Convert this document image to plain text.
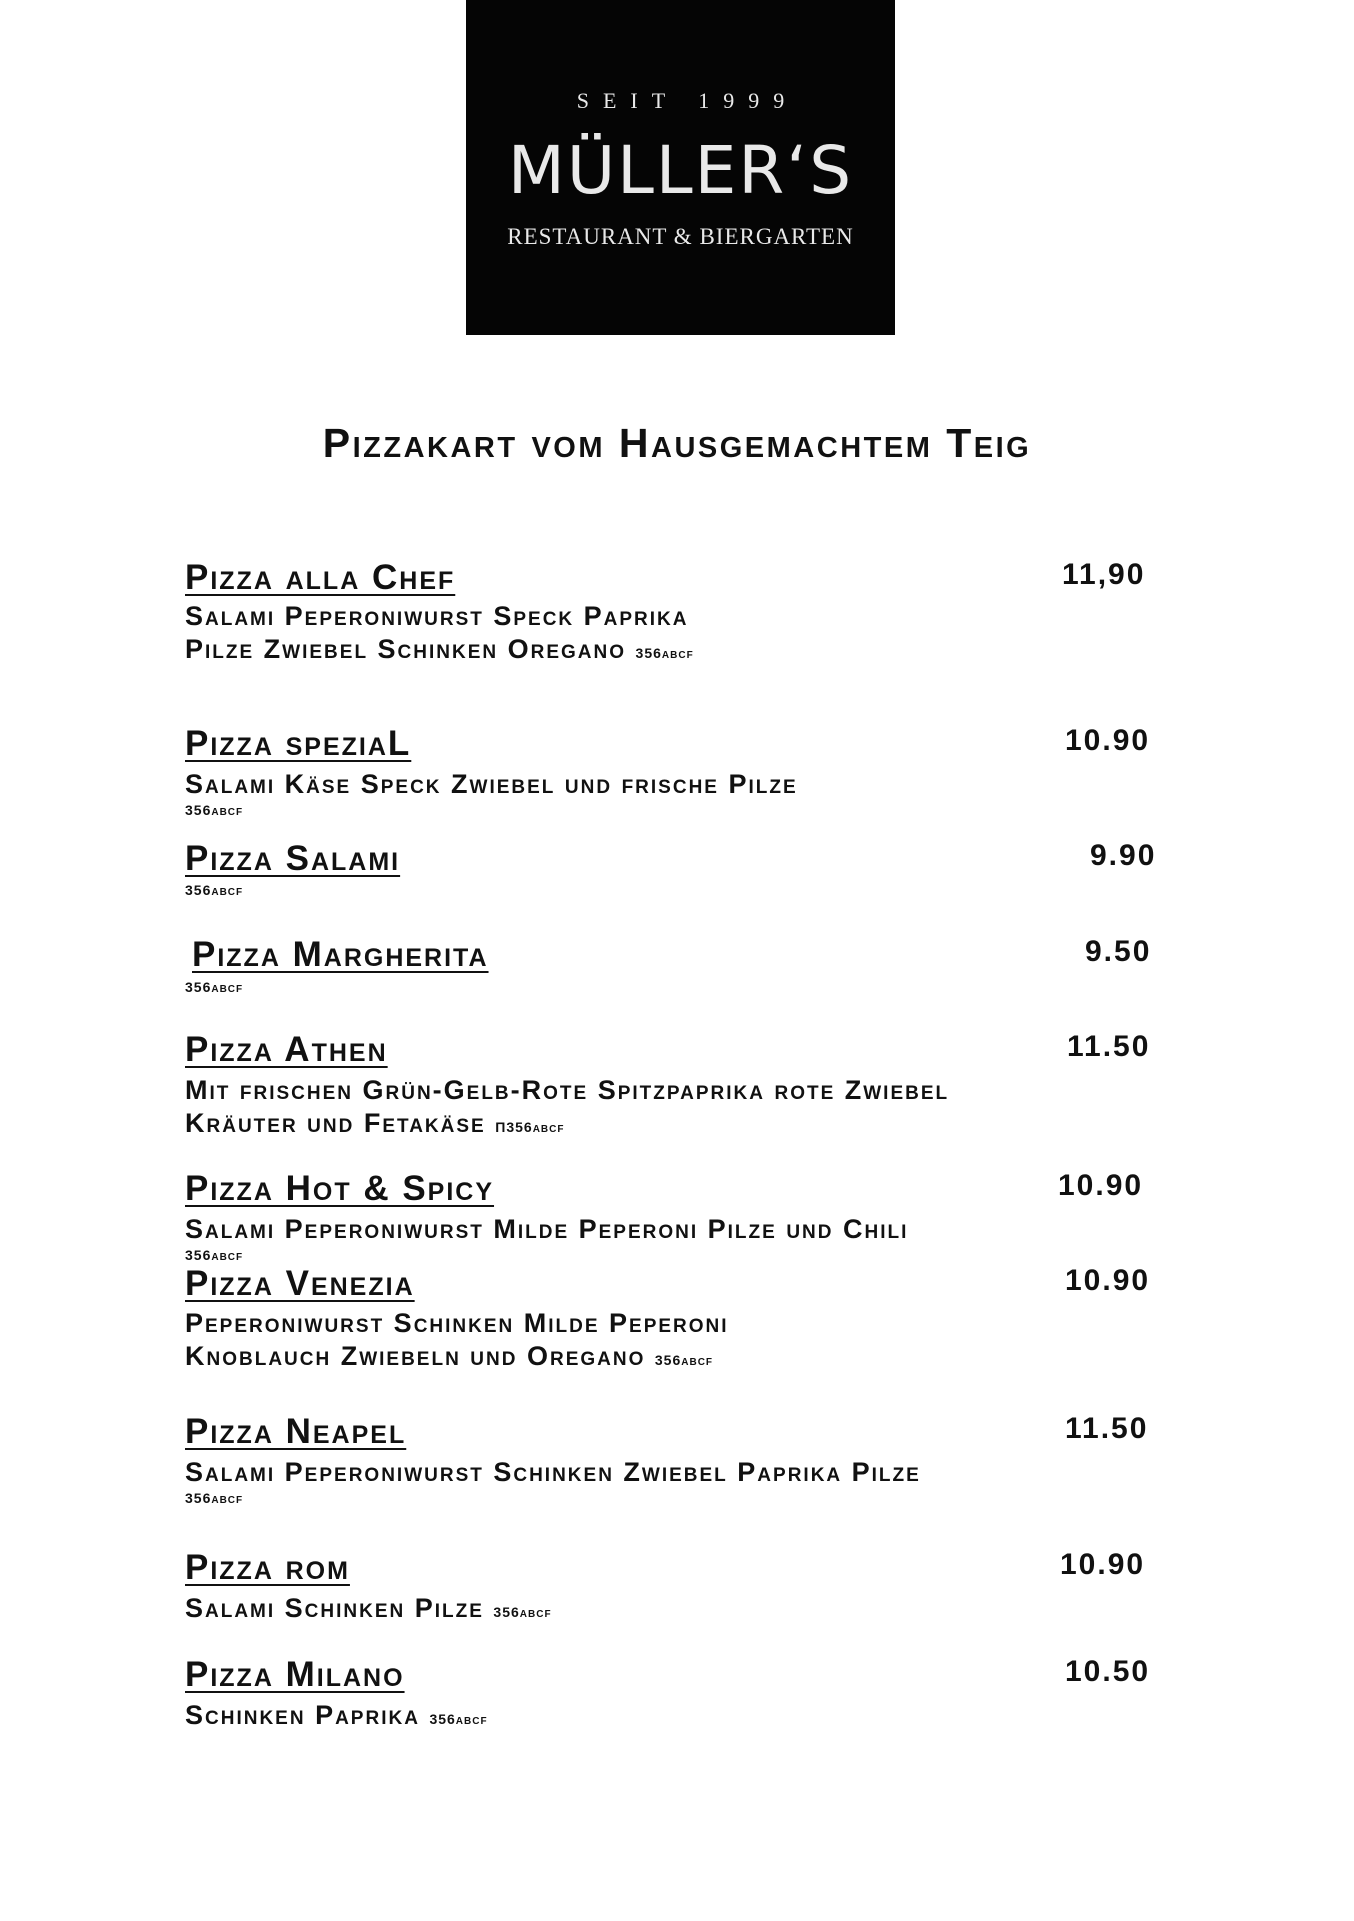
SEIT 1999
MÜLLER‘S
RESTAURANT & BIERGARTEN
Pizzakart vom Hausgemachtem Teig
Pizza alla Chef	11,90
Salami Peperoniwurst Speck Paprika
Pilze Zwiebel Schinken Oregano 356abcf
Pizza speziaL	10.90
Salami Käse Speck Zwiebel und frische Pilze
356abcf
Pizza Salami	9.90
356abcf
Pizza Margherita	9.50
356abcf
Pizza Athen	11.50
Mit frischen Grün-Gelb-Rote Spitzpaprika rote Zwiebel
Kräuter und Fetakäse Π356abcf
Pizza Hot & Spicy	10.90
Salami Peperoniwurst Milde Peperoni Pilze und Chili
356abcf
Pizza Venezia	10.90
Peperoniwurst Schinken Milde Peperoni
Knoblauch Zwiebeln und Oregano 356abcf
Pizza Neapel	11.50
Salami Peperoniwurst Schinken Zwiebel Paprika Pilze
356abcf
Pizza rom	10.90
Salami Schinken Pilze 356abcf
Pizza Milano	10.50
Schinken Paprika 356abcf
